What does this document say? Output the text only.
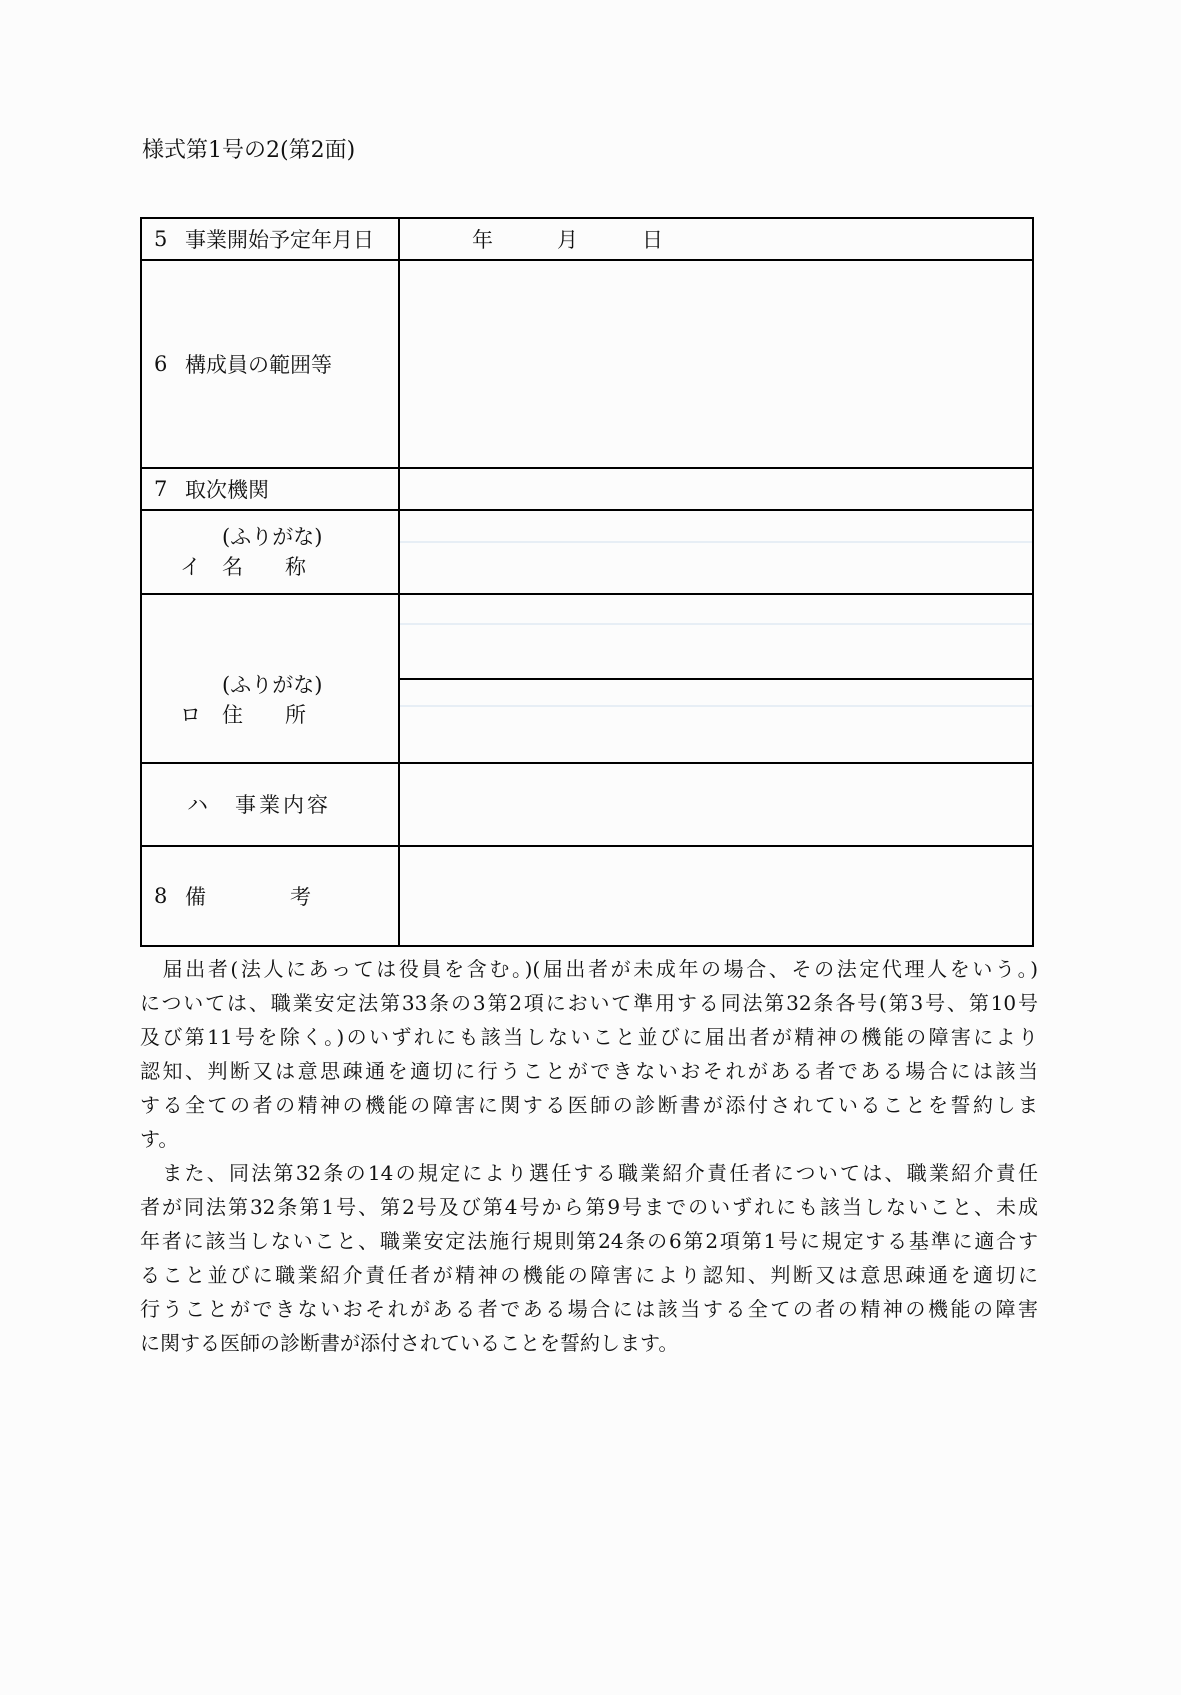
様式第1号の2(第2面)
5 事業開始予定年月日	年	月	日
6 構成員の範囲等
7 取次機関
(ふりがな)
イ　名　　称
(ふりがな)
ロ　住　　所
ハ　事業内容
8 備　　　　考
　届出者(法人にあっては役員を含む。)(届出者が未成年の場合、その法定代理人をいう。)
については、職業安定法第33条の3第2項において準用する同法第32条各号(第3号、第10号
及び第11号を除く。)のいずれにも該当しないこと並びに届出者が精神の機能の障害により
認知、判断又は意思疎通を適切に行うことができないおそれがある者である場合には該当
する全ての者の精神の機能の障害に関する医師の診断書が添付されていることを誓約しま
す。
　また、同法第32条の14の規定により選任する職業紹介責任者については、職業紹介責任
者が同法第32条第1号、第2号及び第4号から第9号までのいずれにも該当しないこと、未成
年者に該当しないこと、職業安定法施行規則第24条の6第2項第1号に規定する基準に適合す
ること並びに職業紹介責任者が精神の機能の障害により認知、判断又は意思疎通を適切に
行うことができないおそれがある者である場合には該当する全ての者の精神の機能の障害
に関する医師の診断書が添付されていることを誓約します。
